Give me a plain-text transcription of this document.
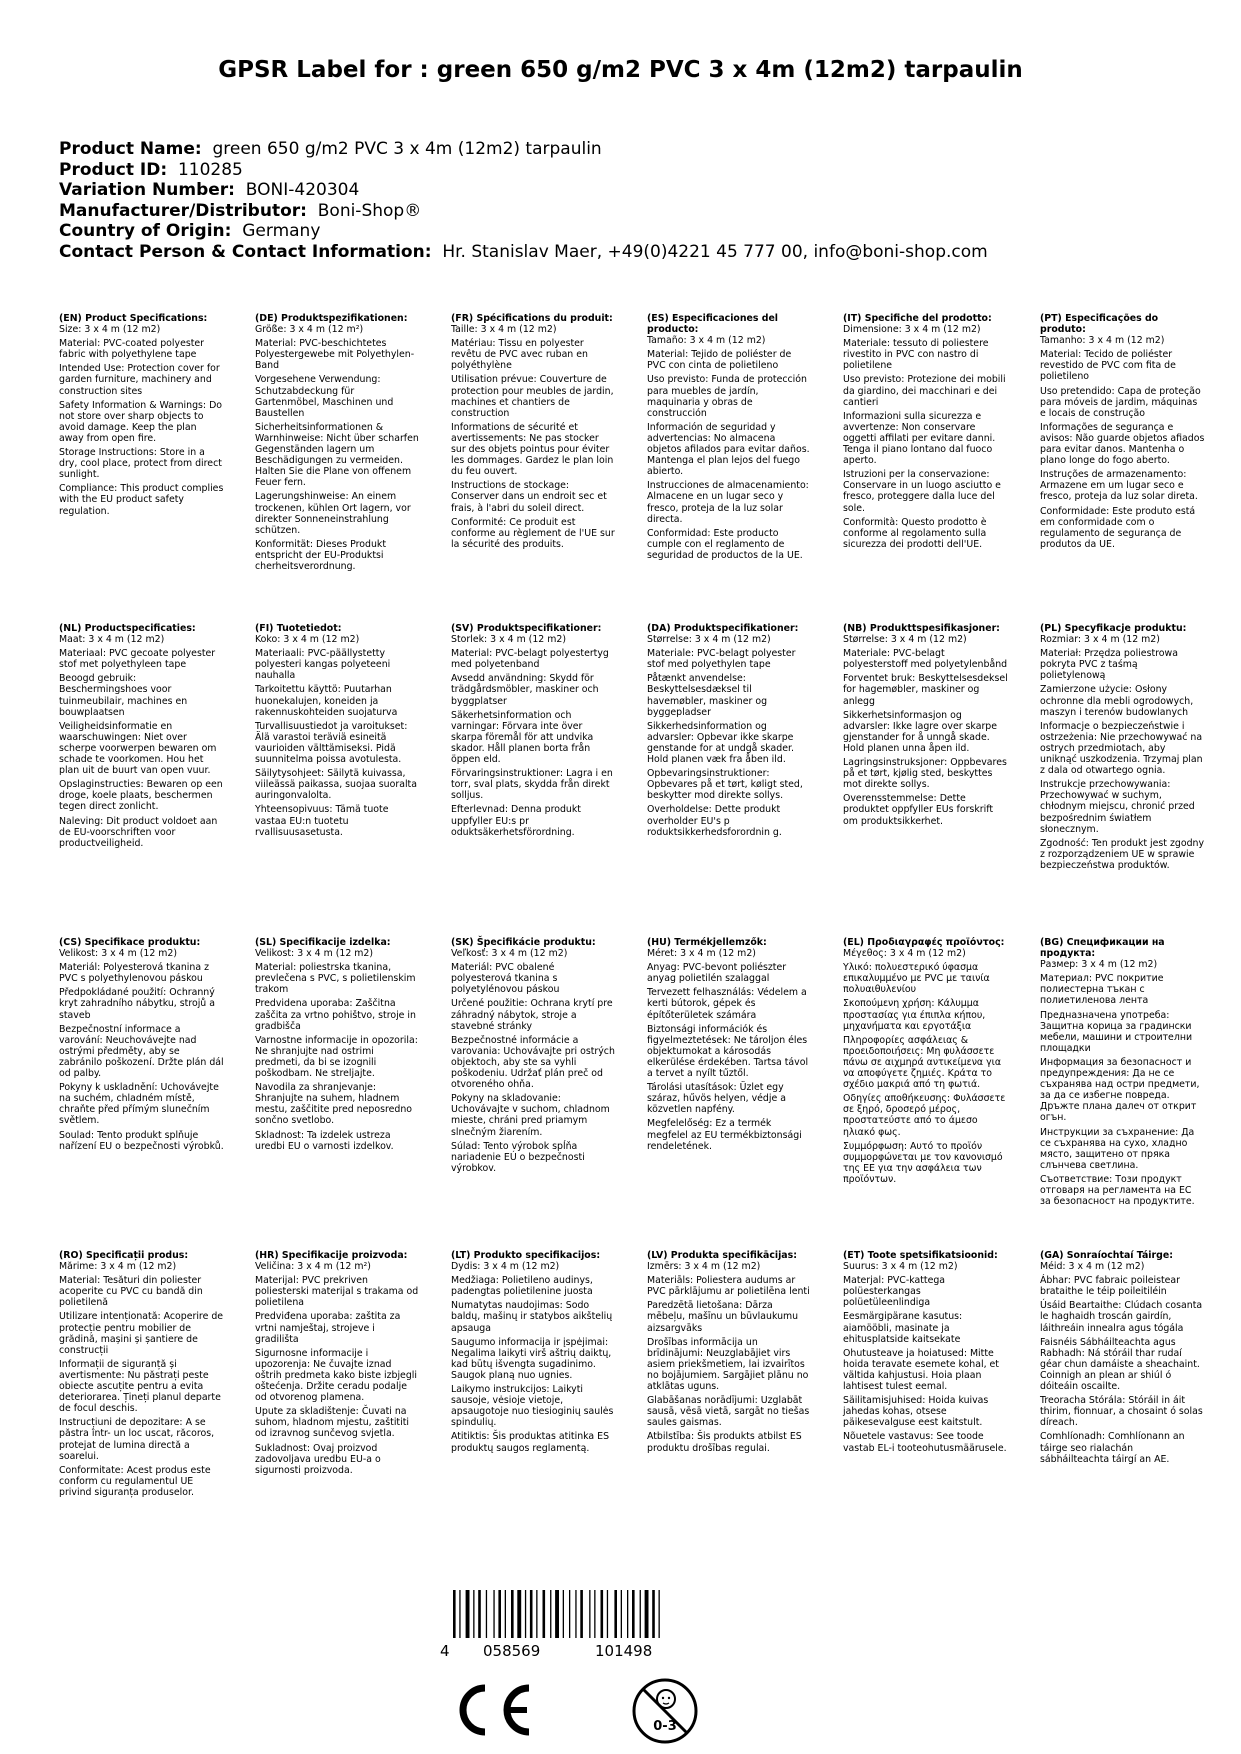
GPSR Label for : green 650 g/m2 PVC 3 x 4m (12m2) tarpaulin
Product Name: green 650 g/m2 PVC 3 x 4m (12m2) tarpaulin
Product ID: 110285
Variation Number: BONI-420304
Manufacturer/Distributor: Boni-Shop®
Country of Origin: Germany
Contact Person & Contact Information: Hr. Stanislav Maer, +49(0)4221 45 777 00, info@boni-shop.com
(EN) Product Specifications:

Size: 3 x 4 m (12 m2)

Material: PVC-coated polyester fabric with polyethylene tape

Intended Use: Protection cover for garden furniture, machinery and construction sites

Safety Information & Warnings: Do not store over sharp objects to avoid damage. Keep the plan away from open fire.

Storage Instructions: Store in a dry, cool place, protect from direct sunlight.

Compliance: This product complies with the EU product safety regulation.

(DE) Produktspezifikationen:

Größe: 3 x 4 m (12 m²)

Material: PVC-beschichtetes Polyestergewebe mit Polyethylen-Band

Vorgesehene Verwendung: Schutzabdeckung für Gartenmöbel, Maschinen und Baustellen

Sicherheitsinformationen & Warnhinweise: Nicht über scharfen Gegenständen lagern um Beschädigungen zu vermeiden. Halten Sie die Plane von offenem Feuer fern.

Lagerungshinweise: An einem trockenen, kühlen Ort lagern, vor direkter Sonneneinstrahlung schützen.

Konformität: Dieses Produkt entspricht der EU-Produktsi cherheitsverordnung.

(FR) Spécifications du produit:

Taille: 3 x 4 m (12 m2)

Matériau: Tissu en polyester revêtu de PVC avec ruban en polyéthylène

Utilisation prévue: Couverture de protection pour meubles de jardin, machines et chantiers de construction

Informations de sécurité et avertissements: Ne pas stocker sur des objets pointus pour éviter les dommages. Gardez le plan loin du feu ouvert.

Instructions de stockage: Conserver dans un endroit sec et frais, à l'abri du soleil direct.

Conformité: Ce produit est conforme au règlement de l'UE sur la sécurité des produits.

(ES) Especificaciones del producto:

Tamaño: 3 x 4 m (12 m2)

Material: Tejido de poliéster de PVC con cinta de polietileno

Uso previsto: Funda de protección para muebles de jardín, maquinaria y obras de construcción

Información de seguridad y advertencias: No almacena objetos afilados para evitar daños. Mantenga el plan lejos del fuego abierto.

Instrucciones de almacenamiento: Almacene en un lugar seco y fresco, proteja de la luz solar directa.

Conformidad: Este producto cumple con el reglamento de seguridad de productos de la UE.

(IT) Specifiche del prodotto:

Dimensione: 3 x 4 m (12 m2)

Materiale: tessuto di poliestere rivestito in PVC con nastro di polietilene

Uso previsto: Protezione dei mobili da giardino, dei macchinari e dei cantieri

Informazioni sulla sicurezza e avvertenze: Non conservare oggetti affilati per evitare danni. Tenga il piano lontano dal fuoco aperto.

Istruzioni per la conservazione: Conservare in un luogo asciutto e fresco, proteggere dalla luce del sole.

Conformità: Questo prodotto è conforme al regolamento sulla sicurezza dei prodotti dell'UE.

(PT) Especificações do produto:

Tamanho: 3 x 4 m (12 m2)

Material: Tecido de poliéster revestido de PVC com fita de polietileno

Uso pretendido: Capa de proteção para móveis de jardim, máquinas e locais de construção

Informações de segurança e avisos: Não guarde objetos afiados para evitar danos. Mantenha o plano longe do fogo aberto.

Instruções de armazenamento: Armazene em um lugar seco e fresco, proteja da luz solar direta.

Conformidade: Este produto está em conformidade com o regulamento de segurança de produtos da UE.

(NL) Productspecificaties:

Maat: 3 x 4 m (12 m2)

Materiaal: PVC gecoate polyester stof met polyethyleen tape

Beoogd gebruik: Beschermingshoes voor tuinmeubilair, machines en bouwplaatsen

Veiligheidsinformatie en waarschuwingen: Niet over scherpe voorwerpen bewaren om schade te voorkomen. Hou het plan uit de buurt van open vuur.

Opslaginstructies: Bewaren op een droge, koele plaats, beschermen tegen direct zonlicht.

Naleving: Dit product voldoet aan de EU-voorschriften voor productveiligheid.

(FI) Tuotetiedot:

Koko: 3 x 4 m (12 m2)

Materiaali: PVC-päällystetty polyesteri kangas polyeteeni nauhalla

Tarkoitettu käyttö: Puutarhan huonekalujen, koneiden ja rakennuskohteiden suojaturva

Turvallisuustiedot ja varoitukset: Älä varastoi teräviä esineitä vaurioiden välttämiseksi. Pidä suunnitelma poissa avotulesta.

Säilytysohjeet: Säilytä kuivassa, viileässä paikassa, suojaa suoralta auringonvalolta.

Yhteensopivuus: Tämä tuote vastaa EU:n tuotetu rvallisuusasetusta.

(SV) Produktspecifikationer:

Storlek: 3 x 4 m (12 m2)

Material: PVC-belagt polyestertyg med polyetenband

Avsedd användning: Skydd för trädgårdsmöbler, maskiner och byggplatser

Säkerhetsinformation och varningar: Förvara inte över skarpa föremål för att undvika skador. Håll planen borta från öppen eld.

Förvaringsinstruktioner: Lagra i en torr, sval plats, skydda från direkt solljus.

Efterlevnad: Denna produkt uppfyller EU:s pr oduktsäkerhetsförordning.

(DA) Produktspecifikationer:

Størrelse: 3 x 4 m (12 m2)

Materiale: PVC-belagt polyester stof med polyethylen tape

Påtænkt anvendelse: Beskyttelsesdæksel til havemøbler, maskiner og byggepladser

Sikkerhedsinformation og advarsler: Opbevar ikke skarpe genstande for at undgå skader. Hold planen væk fra åben ild.

Opbevaringsinstruktioner: Opbevares på et tørt, køligt sted, beskytter mod direkte sollys.

Overholdelse: Dette produkt overholder EU's p roduktsikkerhedsforordnin g.

(NB) Produkttspesifikasjoner:

Størrelse: 3 x 4 m (12 m2)

Materiale: PVC-belagt polyesterstoff med polyetylenbånd

Forventet bruk: Beskyttelsesdeksel for hagemøbler, maskiner og anlegg

Sikkerhetsinformasjon og advarsler: Ikke lagre over skarpe gjenstander for å unngå skade. Hold planen unna åpen ild.

Lagringsinstruksjoner: Oppbevares på et tørt, kjølig sted, beskyttes mot direkte sollys.

Overensstemmelse: Dette produktet oppfyller EUs forskrift om produktsikkerhet.

(PL) Specyfikacje produktu:

Rozmiar: 3 x 4 m (12 m2)

Materiał: Przędza poliestrowa pokryta PVC z taśmą polietylenową

Zamierzone użycie: Osłony ochronne dla mebli ogrodowych, maszyn i terenów budowlanych

Informacje o bezpieczeństwie i ostrzeżenia: Nie przechowywać na ostrych przedmiotach, aby uniknąć uszkodzenia. Trzymaj plan z dala od otwartego ognia.

Instrukcje przechowywania: Przechowywać w suchym, chłodnym miejscu, chronić przed bezpośrednim światłem słonecznym.

Zgodność: Ten produkt jest zgodny z rozporządzeniem UE w sprawie bezpieczeństwa produktów.

(CS) Specifikace produktu:

Velikost: 3 x 4 m (12 m2)

Materiál: Polyesterová tkanina z PVC s polyethylenovou páskou

Předpokládané použití: Ochranný kryt zahradního nábytku, strojů a staveb

Bezpečnostní informace a varování: Neuchovávejte nad ostrými předměty, aby se zabránilo poškození. Držte plán dál od palby.

Pokyny k uskladnění: Uchovávejte na suchém, chladném místě, chraňte před přímým slunečním světlem.

Soulad: Tento produkt splňuje nařízení EU o bezpečnosti výrobků.

(SL) Specifikacije izdelka:

Velikost: 3 x 4 m (12 m2)

Material: poliestrska tkanina, prevlečena s PVC, s polietilenskim trakom

Predvidena uporaba: Zaščitna zaščita za vrtno pohištvo, stroje in gradbišča

Varnostne informacije in opozorila: Ne shranjujte nad ostrimi predmeti, da bi se izognili poškodbam. Ne streljajte.

Navodila za shranjevanje: Shranjujte na suhem, hladnem mestu, zaščitite pred neposredno sončno svetlobo.

Skladnost: Ta izdelek ustreza uredbi EU o varnosti izdelkov.

(SK) Špecifikácie produktu:

Veľkosť: 3 x 4 m (12 m2)

Materiál: PVC obalené polyesterová tkanina s polyetylénovou páskou

Určené použitie: Ochrana krytí pre záhradný nábytok, stroje a stavebné stránky

Bezpečnostné informácie a varovania: Uchovávajte pri ostrých objektoch, aby ste sa vyhli poškodeniu. Udržať plán preč od otvoreného ohňa.

Pokyny na skladovanie: Uchovávajte v suchom, chladnom mieste, chráni pred priamym slnečným žiarením.

Súlad: Tento výrobok spĺňa nariadenie EÚ o bezpečnosti výrobkov.

(HU) Termékjellemzők:

Méret: 3 x 4 m (12 m2)

Anyag: PVC-bevont poliészter anyag polietilén szalaggal

Tervezett felhasználás: Védelem a kerti bútorok, gépek és építőterületek számára

Biztonsági információk és figyelmeztetések: Ne tároljon éles objektumokat a károsodás elkerülése érdekében. Tartsa távol a tervet a nyílt tűztől.

Tárolási utasítások: Üzlet egy száraz, hűvös helyen, védje a közvetlen napfény.

Megfelelőség: Ez a termék megfelel az EU termékbiztonsági rendeletének.

(EL) Προδιαγραφές προϊόντος:

Μέγεθος: 3 x 4 m (12 m2)

Υλικό: πολυεστερικό ύφασμα επικαλυμμένο με PVC με ταινία πολυαιθυλενίου

Σκοπούμενη χρήση: Κάλυμμα προστασίας για έπιπλα κήπου, μηχανήματα και εργοτάξια

Πληροφορίες ασφάλειας & προειδοποιήσεις: Μη φυλάσσετε πάνω σε αιχμηρά αντικείμενα για να αποφύγετε ζημιές. Κράτα το σχέδιο μακριά από τη φωτιά.

Οδηγίες αποθήκευσης: Φυλάσσετε σε ξηρό, δροσερό μέρος, προστατεύστε από το άμεσο ηλιακό φως.

Συμμόρφωση: Αυτό το προϊόν συμμορφώνεται με τον κανονισμό της ΕΕ για την ασφάλεια των προϊόντων.

(BG) Спецификации на продукта:

Размер: 3 x 4 m (12 m2)

Материал: PVC покритие полиестерна тъкан с полиетиленова лента

Предназначена употреба: Защитна корица за градински мебели, машини и строителни площадки

Информация за безопасност и предупреждения: Да не се съхранява над остри предмети, за да се избегне повреда. Дръжте плана далеч от открит огън.

Инструкции за съхранение: Да се съхранява на сухо, хладно място, защитено от пряка слънчева светлина.

Съответствие: Този продукт отговаря на регламента на ЕС за безопасност на продуктите.

(RO) Specificații produs:

Mărime: 3 x 4 m (12 m2)

Material: Tesături din poliester acoperite cu PVC cu bandă din polietilenă

Utilizare intenționată: Acoperire de protecție pentru mobilier de grădină, mașini și șantiere de construcții

Informații de siguranță și avertismente: Nu păstrați peste obiecte ascuțite pentru a evita deteriorarea. Țineți planul departe de focul deschis.

Instrucțiuni de depozitare: A se păstra într- un loc uscat, răcoros, protejat de lumina directă a soarelui.

Conformitate: Acest produs este conform cu regulamentul UE privind siguranța produselor.

(HR) Specifikacije proizvoda:

Veličina: 3 x 4 m (12 m²)

Materijal: PVC prekriven poliesterski materijal s trakama od polietilena

Predviđena uporaba: zaštita za vrtni namještaj, strojeve i gradilišta

Sigurnosne informacije i upozorenja: Ne čuvajte iznad oštrih predmeta kako biste izbjegli oštećenja. Držite ceradu podalje od otvorenog plamena.

Upute za skladištenje: Čuvati na suhom, hladnom mjestu, zaštititi od izravnog sunčevog svjetla.

Sukladnost: Ovaj proizvod zadovoljava uredbu EU-a o sigurnosti proizvoda.

(LT) Produkto specifikacijos:

Dydis: 3 x 4 m (12 m2)

Medžiaga: Polietileno audinys, padengtas polietilenine juosta

Numatytas naudojimas: Sodo baldų, mašinų ir statybos aikštelių apsauga

Saugumo informacija ir įspėjimai: Negalima laikyti virš aštrių daiktų, kad būtų išvengta sugadinimo. Saugok planą nuo ugnies.

Laikymo instrukcijos: Laikyti sausoje, vėsioje vietoje, apsaugotoje nuo tiesioginių saulės spindulių.

Atitiktis: Šis produktas atitinka ES produktų saugos reglamentą.

(LV) Produkta specifikācijas:

Izmērs: 3 x 4 m (12 m2)

Materiāls: Poliestera audums ar PVC pārklājumu ar polietilēna lenti

Paredzētā lietošana: Dārza mēbeļu, mašīnu un būvlaukumu aizsargvāks

Drošības informācija un brīdinājumi: Neuzglabājiet virs asiem priekšmetiem, lai izvairītos no bojājumiem. Sargājiet plānu no atklātas uguns.

Glabāšanas norādījumi: Uzglabāt sausā, vēsā vietā, sargāt no tiešas saules gaismas.

Atbilstība: Šis produkts atbilst ES produktu drošības regulai.

(ET) Toote spetsifikatsioonid:

Suurus: 3 x 4 m (12 m2)

Materjal: PVC-kattega polüesterkangas polüetüleenlindiga

Eesmärgipärane kasutus: aiamööbli, masinate ja ehitusplatside kaitsekate

Ohutusteave ja hoiatused: Mitte hoida teravate esemete kohal, et vältida kahjustusi. Hoia plaan lahtisest tulest eemal.

Säilitamisjuhised: Hoida kuivas jahedas kohas, otsese päikesevalguse eest kaitstult.

Nõuetele vastavus: See toode vastab EL-i tooteohutusmäärusele.

(GA) Sonraíochtaí Táirge:

Méid: 3 x 4 m (12 m2)

Ábhar: PVC fabraic poileistear brataithe le téip poileitiléin

Úsáid Beartaithe: Clúdach cosanta le haghaidh troscán gairdín, láithreáin innealra agus tógála

Faisnéis Sábháilteachta agus Rabhadh: Ná stóráil thar rudaí géar chun damáiste a sheachaint. Coinnigh an plean ar shiúl ó dóiteáin oscailte.

Treoracha Stórála: Stóráil in áit thirim, fionnuar, a chosaint ó solas díreach.

Comhlíonadh: Comhlíonann an táirge seo rialachán sábháilteachta táirgí an AE.

4 058569	101498
0-3
